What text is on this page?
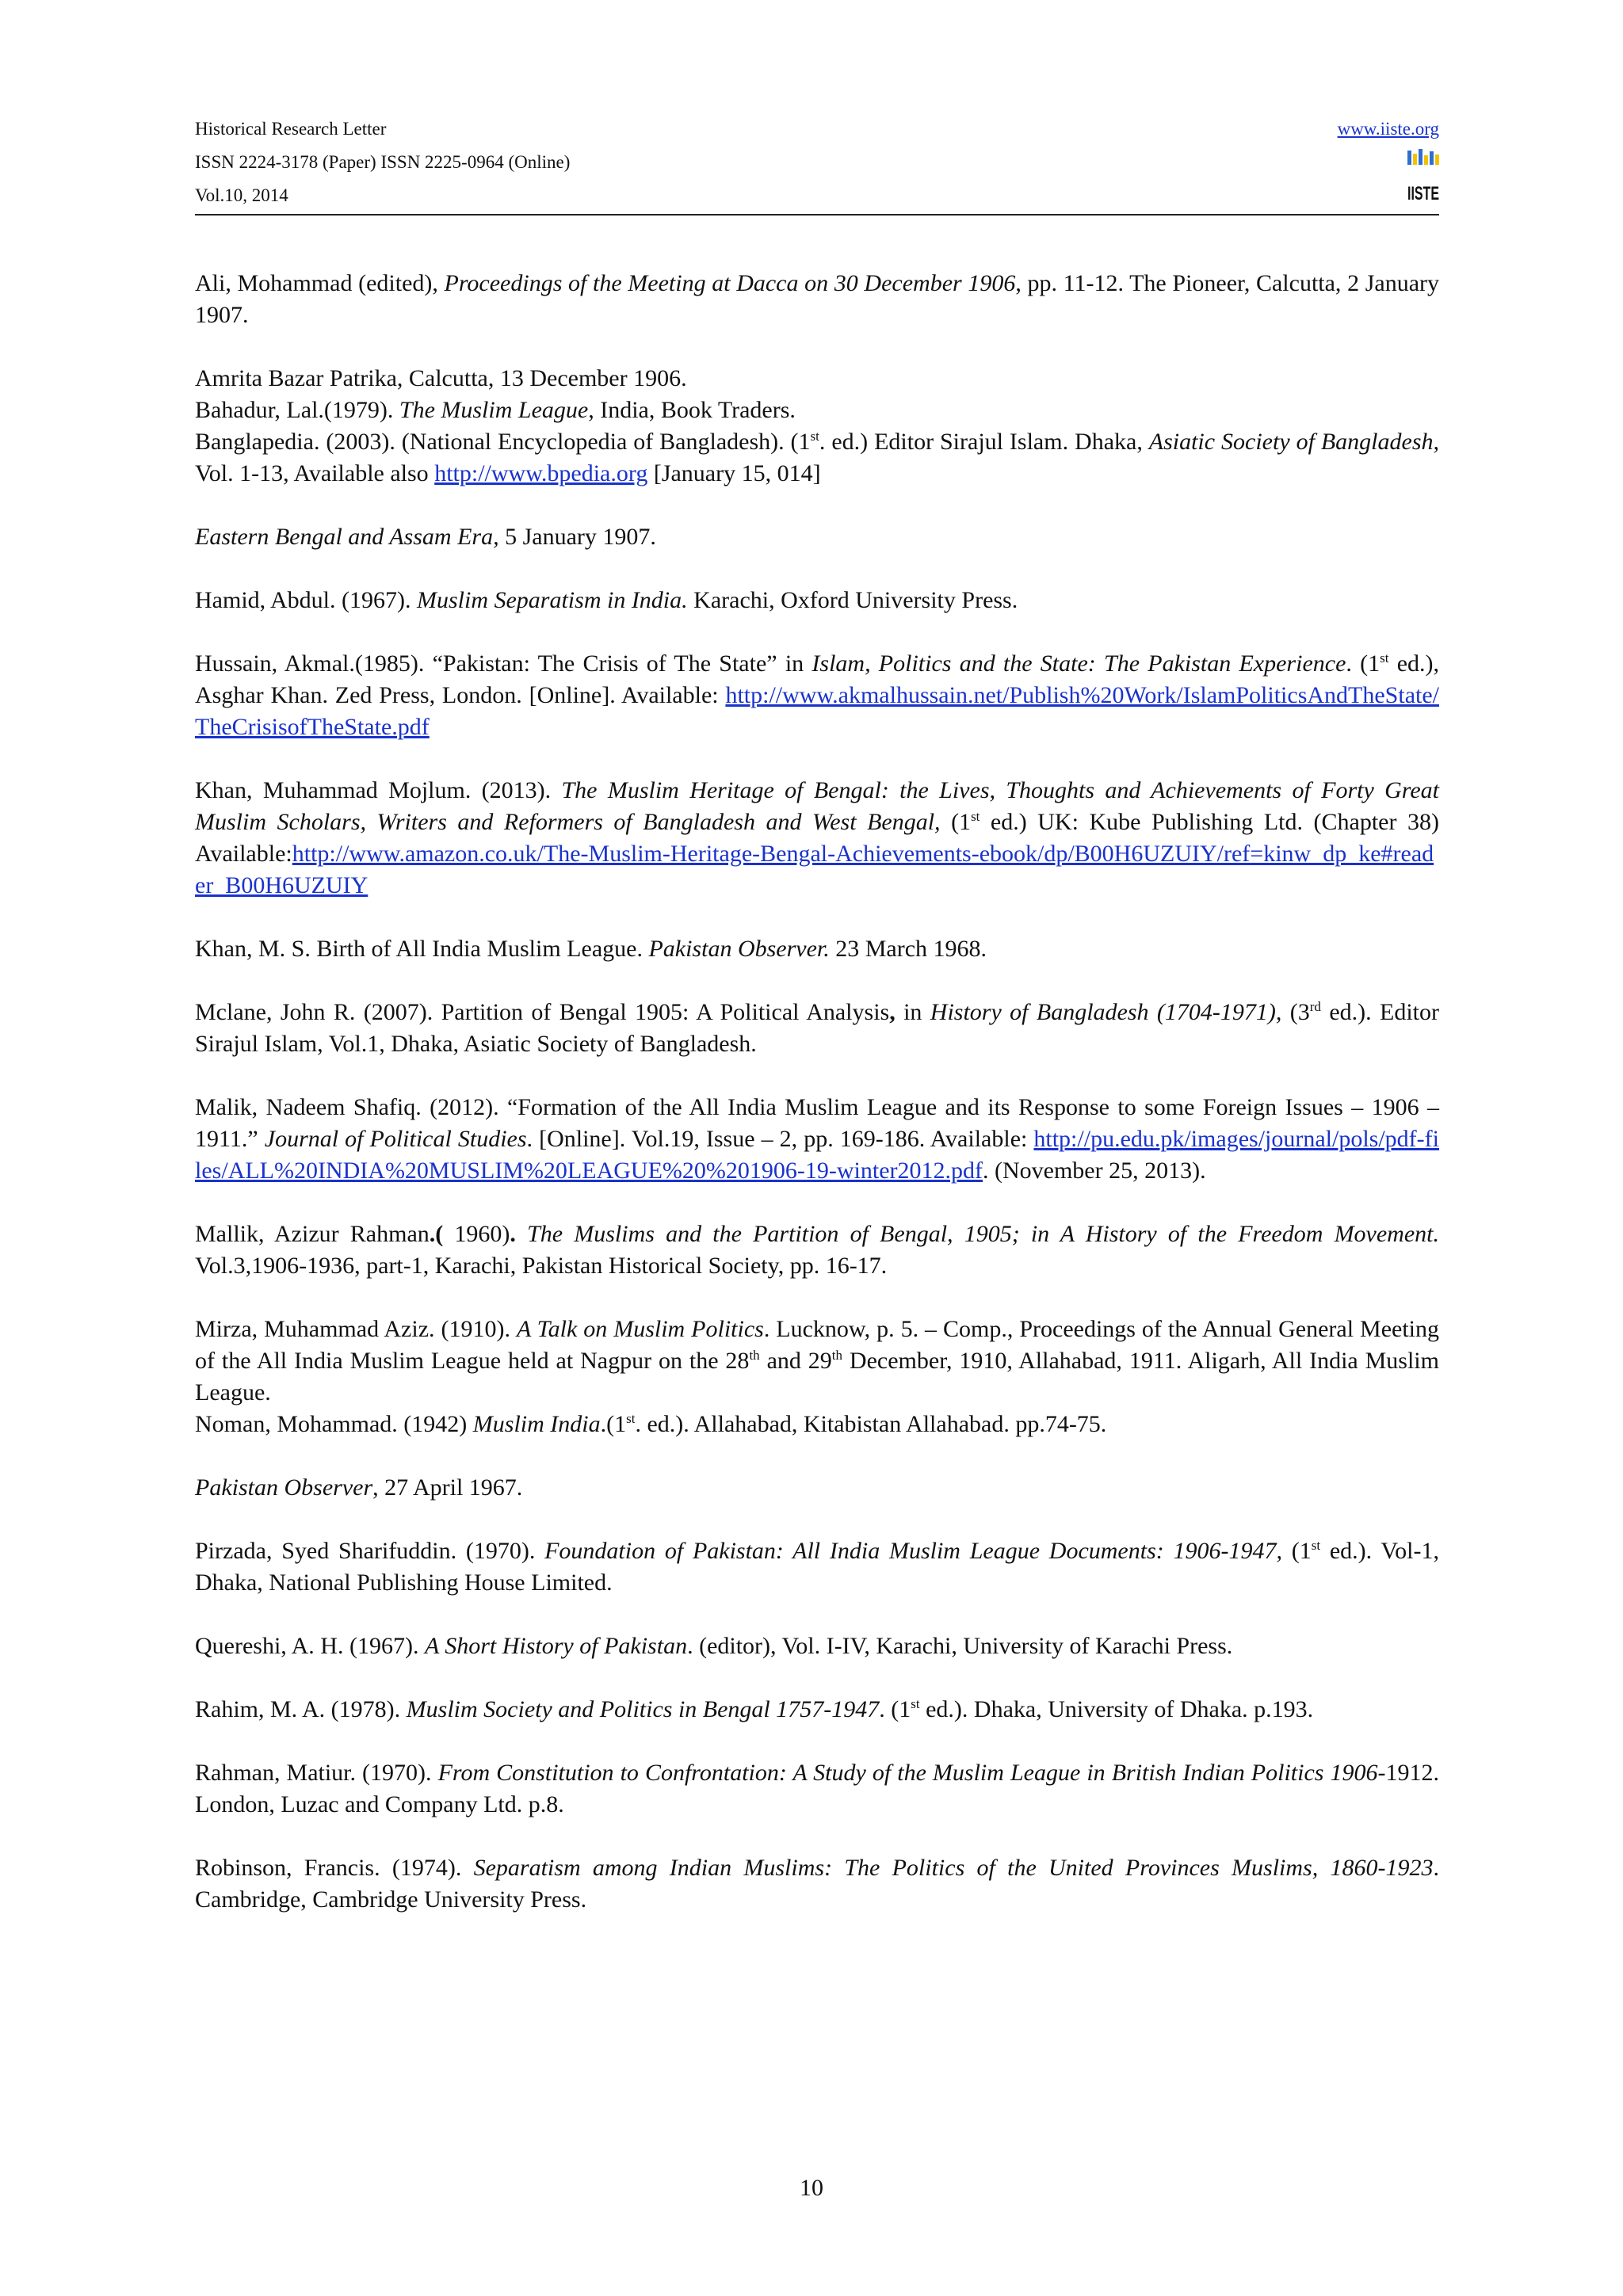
Historical Research Letter
ISSN 2224-3178 (Paper) ISSN 2225-0964 (Online)
Vol.10, 2014
www.iiste.org
IISTE

Ali, Mohammad (edited), Proceedings of the Meeting at Dacca on 30 December 1906, pp. 11-12. The Pioneer, Calcutta, 2 January 1907.

Amrita Bazar Patrika, Calcutta, 13 December 1906.

Bahadur, Lal.(1979). The Muslim League, India, Book Traders.

Banglapedia. (2003). (National Encyclopedia of Bangladesh). (1st. ed.) Editor Sirajul Islam. Dhaka, Asiatic Society of Bangladesh, Vol. 1-13, Available also http://www.bpedia.org [January 15, 014]

Eastern Bengal and Assam Era, 5 January 1907.

Hamid, Abdul. (1967). Muslim Separatism in India. Karachi, Oxford University Press.

Hussain, Akmal.(1985). “Pakistan: The Crisis of The State” in Islam, Politics and the State: The Pakistan Experience. (1st ed.), Asghar Khan. Zed Press, London. [Online]. Available: http://www.akmalhussain.net/Publish%20Work/IslamPoliticsAndTheState/TheCrisisofTheState.pdf

Khan, Muhammad Mojlum. (2013). The Muslim Heritage of Bengal: the Lives, Thoughts and Achievements of Forty Great Muslim Scholars, Writers and Reformers of Bangladesh and West Bengal, (1st ed.) UK: Kube Publishing Ltd. (Chapter 38) Available:http://www.amazon.co.uk/The-Muslim-Heritage-Bengal-Achievements-ebook/dp/B00H6UZUIY/ref=kinw_dp_ke#reader_B00H6UZUIY

Khan, M. S. Birth of All India Muslim League. Pakistan Observer. 23 March 1968.

Mclane, John R. (2007). Partition of Bengal 1905: A Political Analysis, in History of Bangladesh (1704-1971), (3rd ed.). Editor Sirajul Islam, Vol.1, Dhaka, Asiatic Society of Bangladesh.

Malik, Nadeem Shafiq. (2012). “Formation of the All India Muslim League and its Response to some Foreign Issues – 1906 – 1911.” Journal of Political Studies. [Online]. Vol.19, Issue – 2, pp. 169-186. Available: http://pu.edu.pk/images/journal/pols/pdf-files/ALL%20INDIA%20MUSLIM%20LEAGUE%20%201906-19-winter2012.pdf. (November 25, 2013).

Mallik, Azizur Rahman.( 1960). The Muslims and the Partition of Bengal, 1905; in A History of the Freedom Movement. Vol.3,1906-1936, part-1, Karachi, Pakistan Historical Society, pp. 16-17.

Mirza, Muhammad Aziz. (1910). A Talk on Muslim Politics. Lucknow, p. 5. – Comp., Proceedings of the Annual General Meeting of the All India Muslim League held at Nagpur on the 28th and 29th December, 1910, Allahabad, 1911. Aligarh, All India Muslim League.

Noman, Mohammad. (1942) Muslim India.(1st. ed.). Allahabad, Kitabistan Allahabad. pp.74-75.

Pakistan Observer, 27 April 1967.

Pirzada, Syed Sharifuddin. (1970). Foundation of Pakistan: All India Muslim League Documents: 1906-1947, (1st ed.). Vol-1, Dhaka, National Publishing House Limited.

Quereshi, A. H. (1967). A Short History of Pakistan. (editor), Vol. I-IV, Karachi, University of Karachi Press.

Rahim, M. A. (1978). Muslim Society and Politics in Bengal 1757-1947. (1st ed.). Dhaka, University of Dhaka. p.193.

Rahman, Matiur. (1970). From Constitution to Confrontation: A Study of the Muslim League in British Indian Politics 1906-1912. London, Luzac and Company Ltd. p.8.

Robinson, Francis. (1974). Separatism among Indian Muslims: The Politics of the United Provinces Muslims, 1860-1923. Cambridge, Cambridge University Press.

10
